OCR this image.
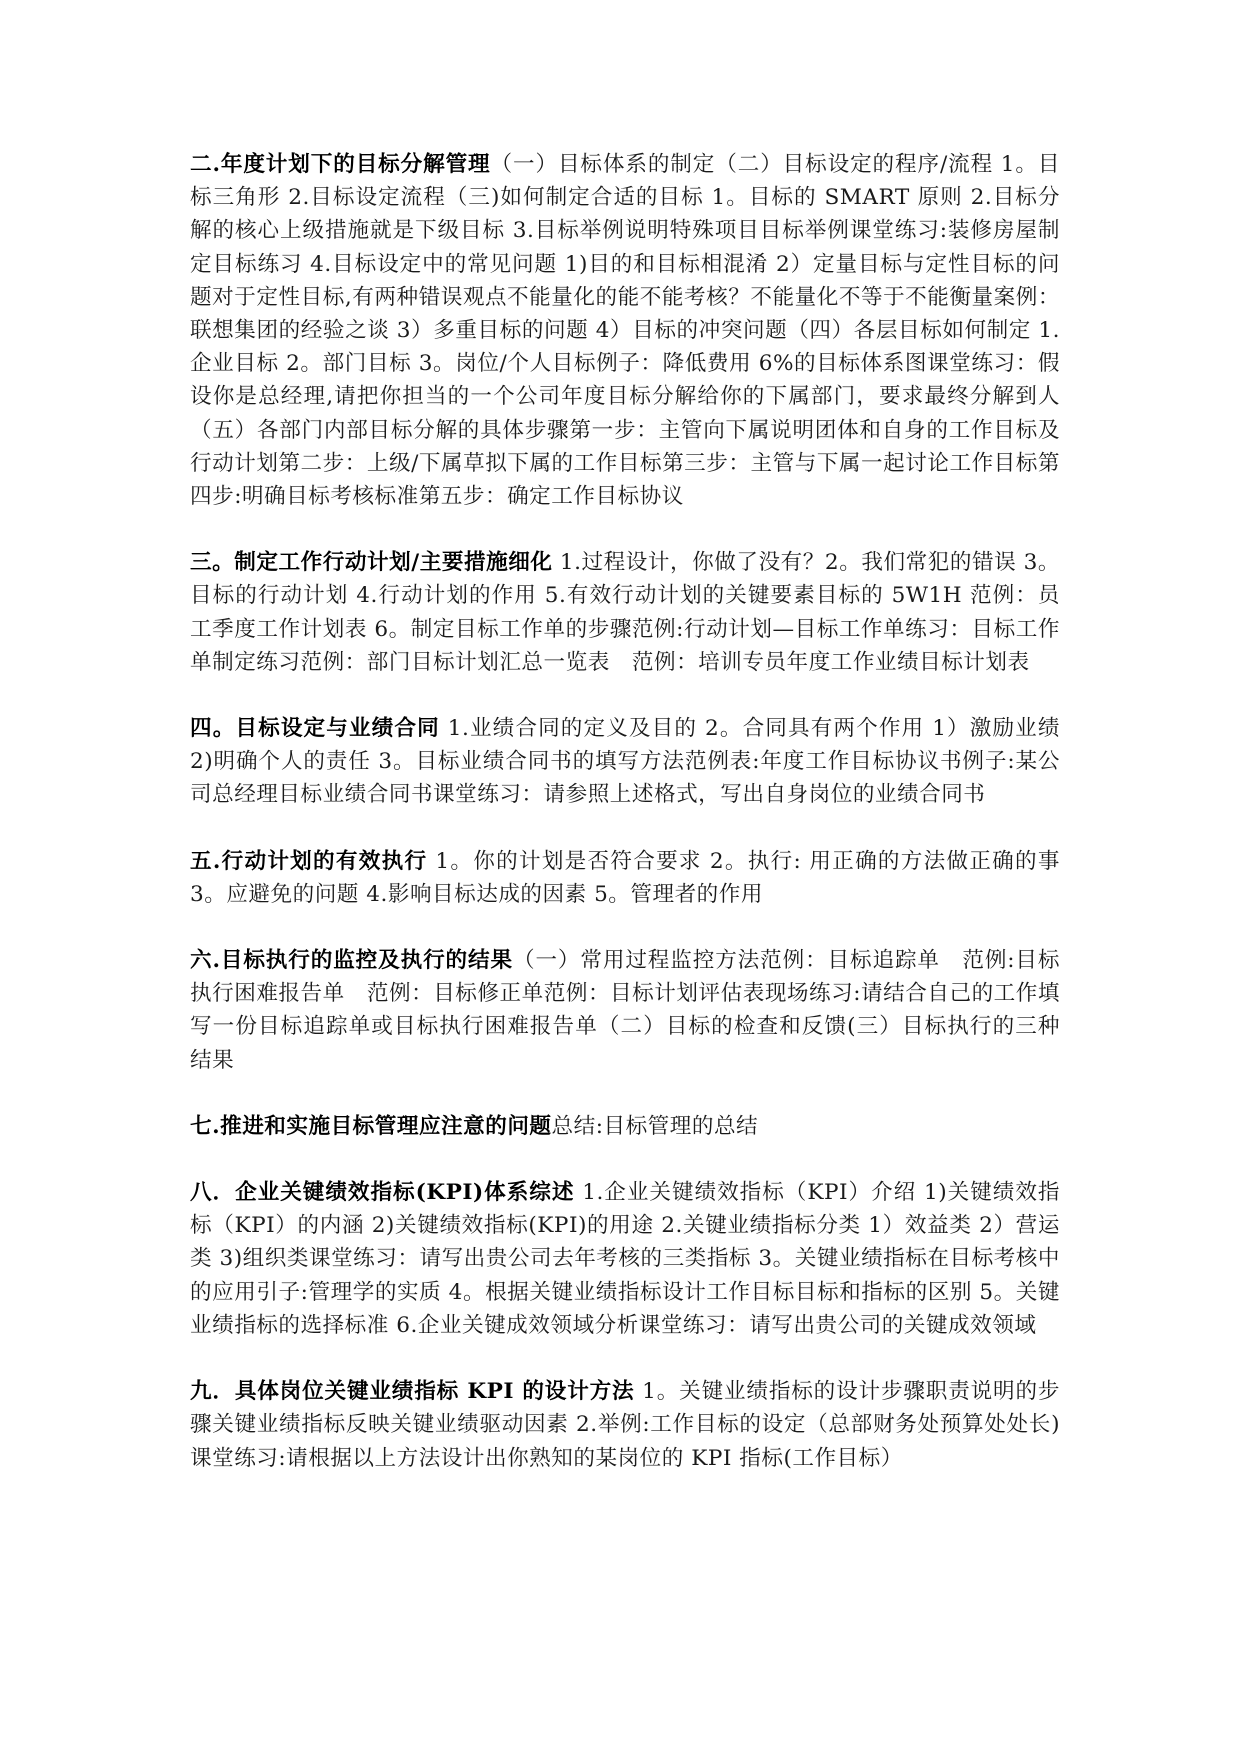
二.年度计划下的目标分解管理（一）目标体系的制定（二）目标设定的程序/流程 1。目标三角形 2.目标设定流程（三)如何制定合适的目标 1。目标的 SMART 原则 2.目标分解的核心上级措施就是下级目标 3.目标举例说明特殊项目目标举例课堂练习:装修房屋制定目标练习 4.目标设定中的常见问题 1)目的和目标相混淆 2）定量目标与定性目标的问题对于定性目标,有两种错误观点不能量化的能不能考核？不能量化不等于不能衡量案例：联想集团的经验之谈 3）多重目标的问题 4）目标的冲突问题（四）各层目标如何制定 1.企业目标 2。部门目标 3。岗位/个人目标例子：降低费用 6%的目标体系图课堂练习：假设你是总经理,请把你担当的一个公司年度目标分解给你的下属部门，要求最终分解到人（五）各部门内部目标分解的具体步骤第一步：主管向下属说明团体和自身的工作目标及行动计划第二步：上级/下属草拟下属的工作目标第三步：主管与下属一起讨论工作目标第四步:明确目标考核标准第五步：确定工作目标协议

三。制定工作行动计划/主要措施细化 1.过程设计，你做了没有？2。我们常犯的错误 3。目标的行动计划 4.行动计划的作用 5.有效行动计划的关键要素目标的 5W1H 范例：员工季度工作计划表 6。制定目标工作单的步骤范例:行动计划—目标工作单练习：目标工作单制定练习范例：部门目标计划汇总一览表　范例：培训专员年度工作业绩目标计划表

四。目标设定与业绩合同 1.业绩合同的定义及目的 2。合同具有两个作用 1）激励业绩 2)明确个人的责任 3。目标业绩合同书的填写方法范例表:年度工作目标协议书例子:某公司总经理目标业绩合同书课堂练习：请参照上述格式，写出自身岗位的业绩合同书

五.行动计划的有效执行 1。你的计划是否符合要求 2。执行: 用正确的方法做正确的事 3。应避免的问题 4.影响目标达成的因素 5。管理者的作用

六.目标执行的监控及执行的结果（一）常用过程监控方法范例：目标追踪单　范例:目标执行困难报告单　范例：目标修正单范例：目标计划评估表现场练习:请结合自己的工作填写一份目标追踪单或目标执行困难报告单（二）目标的检查和反馈(三）目标执行的三种结果

七.推进和实施目标管理应注意的问题总结:目标管理的总结

八．企业关键绩效指标(KPI)体系综述 1.企业关键绩效指标（KPI）介绍 1)关键绩效指标（KPI）的内涵 2)关键绩效指标(KPI)的用途 2.关键业绩指标分类 1）效益类 2）营运类 3)组织类课堂练习：请写出贵公司去年考核的三类指标 3。关键业绩指标在目标考核中的应用引子:管理学的实质 4。根据关键业绩指标设计工作目标目标和指标的区别 5。关键业绩指标的选择标准 6.企业关键成效领域分析课堂练习：请写出贵公司的关键成效领域

九．具体岗位关键业绩指标 KPI 的设计方法 1。关键业绩指标的设计步骤职责说明的步骤关键业绩指标反映关键业绩驱动因素 2.举例:工作目标的设定（总部财务处预算处处长)课堂练习:请根据以上方法设计出你熟知的某岗位的 KPI 指标(工作目标）
